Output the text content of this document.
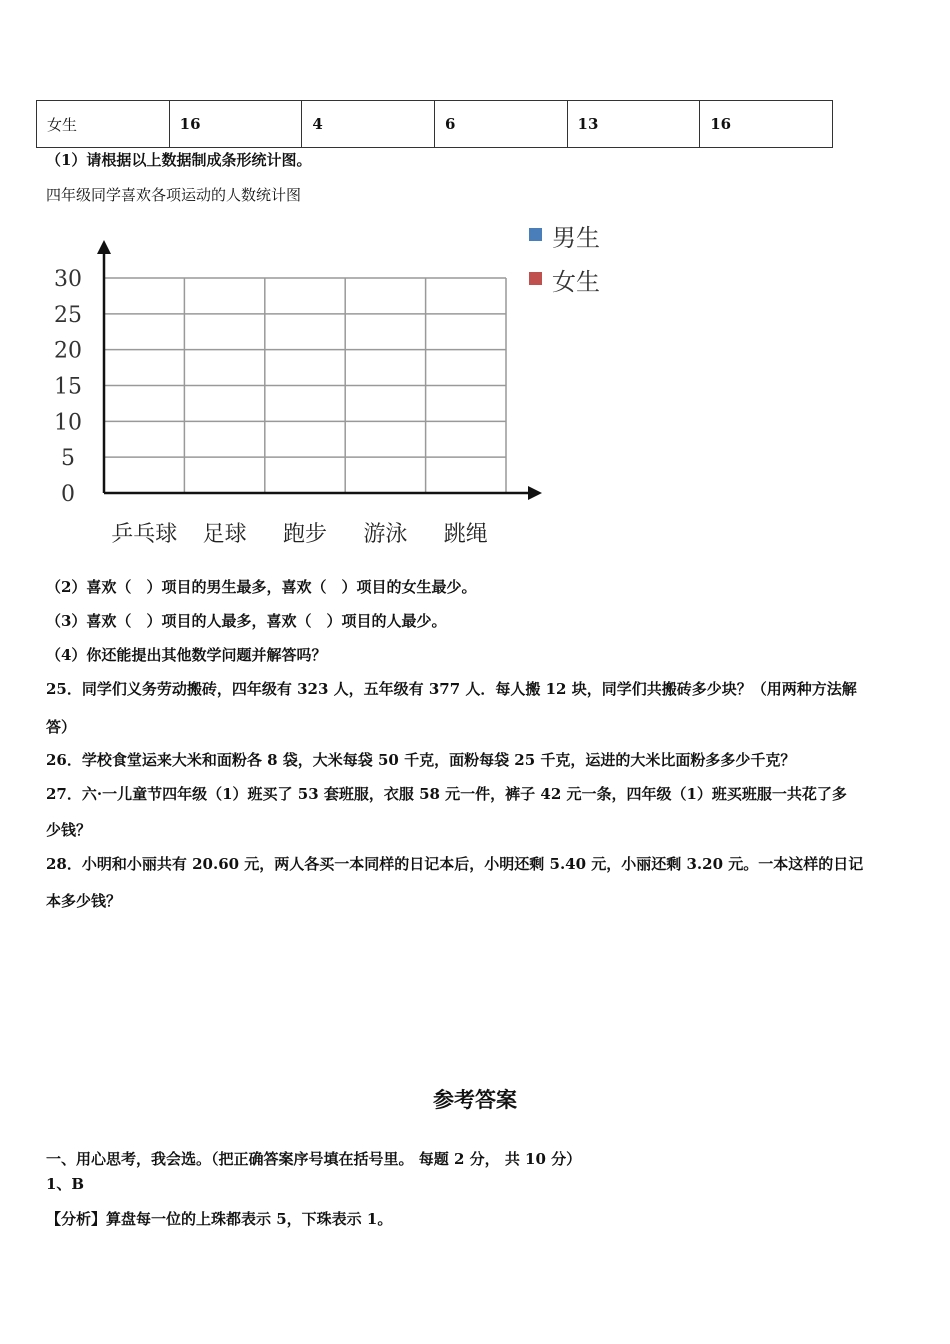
女生	16	4	6	13	16
（1）请根据以上数据制成条形统计图。
四年级同学喜欢各项运动的人数统计图
0
5
10
15
20
25
30
乒乓球 足球 跑步 游泳 跳绳
男生
女生
（2）喜欢（　）项目的男生最多，喜欢（　）项目的女生最少。
（3）喜欢（　）项目的人最多，喜欢（　）项目的人最少。
（4）你还能提出其他数学问题并解答吗？
25．同学们义务劳动搬砖，四年级有 323 人，五年级有 377 人．每人搬 12 块，同学们共搬砖多少块？（用两种方法解
答）
26．学校食堂运来大米和面粉各 8 袋，大米每袋 50 千克，面粉每袋 25 千克，运进的大米比面粉多多少千克？
27．六·一儿童节四年级（1）班买了 53 套班服，衣服 58 元一件，裤子 42 元一条，四年级（1）班买班服一共花了多
少钱？
28．小明和小丽共有 20.60 元，两人各买一本同样的日记本后，小明还剩 5.40 元，小丽还剩 3.20 元。一本这样的日记
本多少钱？
参考答案
一、用心思考，我会选。（把正确答案序号填在括号里。 每题 2 分， 共 10 分）
1、B
【分析】算盘每一位的上珠都表示 5，下珠表示 1。
